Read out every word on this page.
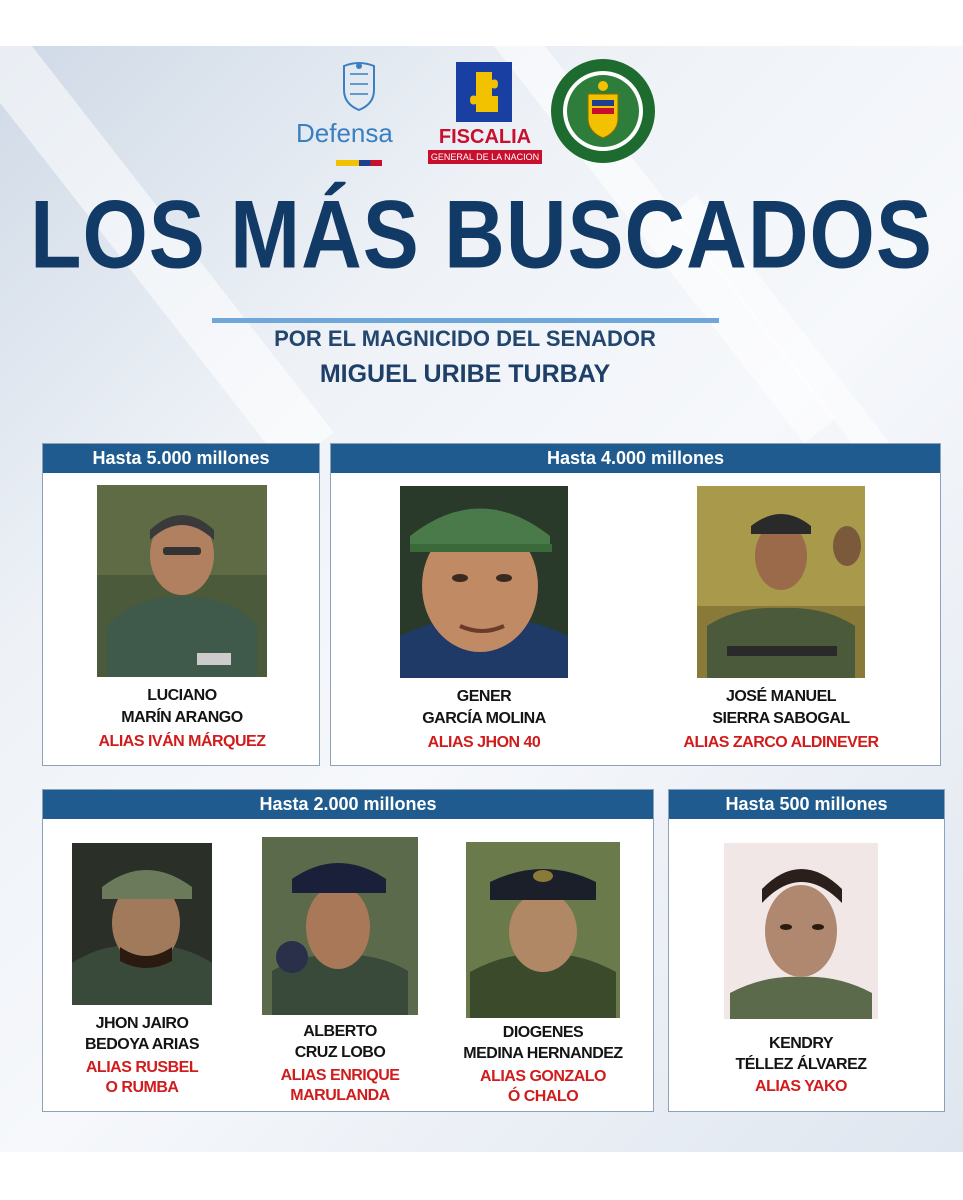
Defensa	FISCALIA
GENERAL DE LA NACION
LOS MÁS BUSCADOS
POR EL MAGNICIDO DEL SENADOR
MIGUEL URIBE TURBAY
Hasta 5.000 millones
LUCIANO
MARÍN ARANGO
ALIAS IVÁN MÁRQUEZ
Hasta 4.000 millones
GENER
GARCÍA MOLINA
ALIAS JHON 40
JOSÉ MANUEL
SIERRA SABOGAL
ALIAS ZARCO ALDINEVER
Hasta 2.000 millones
JHON JAIRO
BEDOYA ARIAS
ALIAS RUSBEL
O RUMBA
ALBERTO
CRUZ LOBO
ALIAS ENRIQUE
MARULANDA
DIOGENES
MEDINA HERNANDEZ
ALIAS GONZALO
Ó CHALO
Hasta 500 millones
KENDRY
TÉLLEZ ÁLVAREZ
ALIAS YAKO
